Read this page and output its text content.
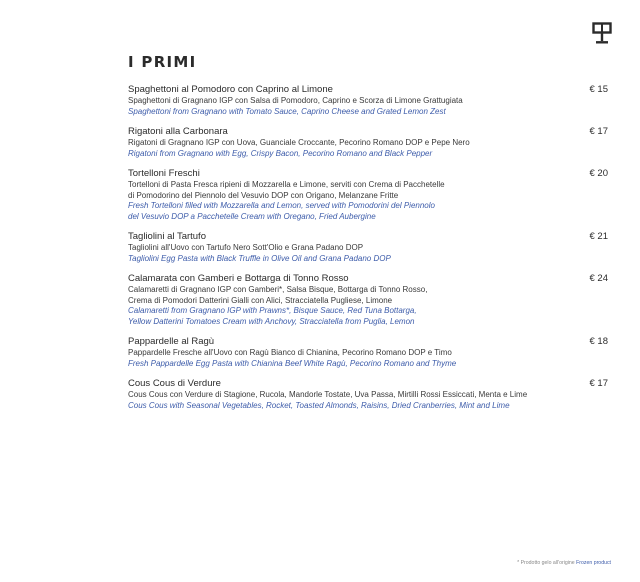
I PRIMI
Spaghettoni al Pomodoro con Caprino al Limone	€ 15
Spaghettoni di Gragnano IGP con Salsa di Pomodoro, Caprino e Scorza di Limone Grattugiata
Spaghettoni from Gragnano with Tomato Sauce, Caprino Cheese and Grated Lemon Zest
Rigatoni alla Carbonara	€ 17
Rigatoni di Gragnano IGP con Uova, Guanciale Croccante, Pecorino Romano DOP e Pepe Nero
Rigatoni from Gragnano with Egg, Crispy Bacon, Pecorino Romano and Black Pepper
Tortelloni Freschi	€ 20
Tortelloni di Pasta Fresca ripieni di Mozzarella e Limone, serviti con Crema di Pacchetelle
di Pomodorino del Piennolo del Vesuvio DOP con Origano, Melanzane Fritte
Fresh Tortelloni filled with Mozzarella and Lemon, served with Pomodorini del Piennolo
del Vesuvio DOP a Pacchetelle Cream with Oregano, Fried Aubergine
Tagliolini al Tartufo	€ 21
Tagliolini all'Uovo con Tartufo Nero Sott'Olio e Grana Padano DOP
Tagliolini Egg Pasta with Black Truffle in Olive Oil and Grana Padano DOP
Calamarata con Gamberi e Bottarga di Tonno Rosso	€ 24
Calamaretti di Gragnano IGP con Gamberi*, Salsa Bisque, Bottarga di Tonno Rosso,
Crema di Pomodori Datterini Gialli con Alici, Stracciatella Pugliese, Limone
Calamaretti from Gragnano IGP with Prawns*, Bisque Sauce, Red Tuna Bottarga,
Yellow Datterini Tomatoes Cream with Anchovy, Stracciatella from Puglia, Lemon
Pappardelle al Ragù	€ 18
Pappardelle Fresche all'Uovo con Ragù Bianco di Chianina, Pecorino Romano DOP e Timo
Fresh Pappardelle Egg Pasta with Chianina Beef White Ragù, Pecorino Romano and Thyme
Cous Cous di Verdure	€ 17
Cous Cous con Verdure di Stagione, Rucola, Mandorle Tostate, Uva Passa, Mirtilli Rossi Essiccati, Menta e Lime
Cous Cous with Seasonal Vegetables, Rocket, Toasted Almonds, Raisins, Dried Cranberries, Mint and Lime
* Prodotto gelo all'origine Frozen product
